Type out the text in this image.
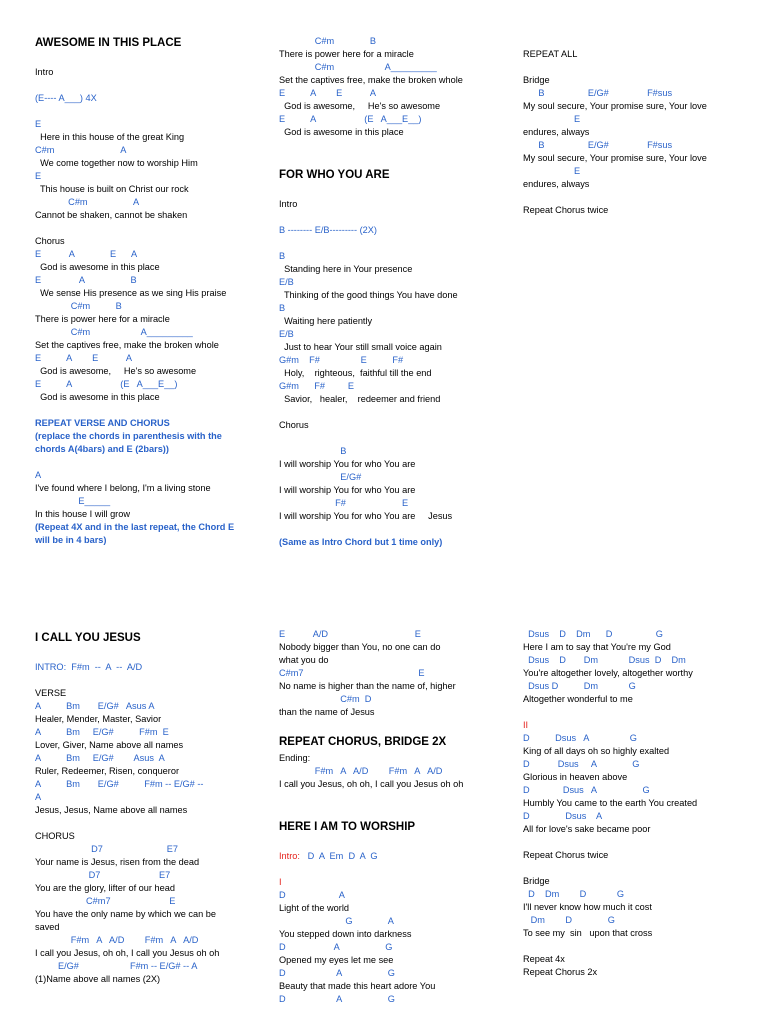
AWESOME IN THIS PLACE
Intro
(E---- A___) 4X
E
Here in this house of the great King
C#m                          A
We come together now to worship Him
E
This house is built on Christ our rock
C#m                  A
Cannot be shaken, cannot be shaken
Chorus
E           A              E      A
God is awesome in this place
E               A                  B
We sense His presence as we sing His praise
C#m          B
There is power here for a miracle
C#m                    A_________
Set the captives free, make the broken whole
E          A        E           A
God is awesome,     He's so awesome
E          A                   (E   A___E__)
God is awesome in this place
REPEAT VERSE AND CHORUS
(replace the chords in parenthesis with the
chords A(4bars) and E (2bars))
A
I've found where I belong, I'm a living stone
E_____
In this house I will grow
(Repeat 4X and in the last repeat, the Chord E
will be in 4 bars)
C#m              B
There is power here for a miracle
C#m                    A_________
Set the captives free, make the broken whole
E          A        E           A
God is awesome,     He's so awesome
E          A                   (E   A___E__)
God is awesome in this place
FOR WHO YOU ARE
Intro
B -------- E/B--------- (2X)
B
Standing here in Your presence
E/B
Thinking of the good things You have done
B
Waiting here patiently
E/B
Just to hear Your still small voice again
G#m    F#                E          F#
Holy,    righteous,  faithful till the end
G#m      F#         E
Savior,   healer,    redeemer and friend
Chorus
B
I will worship You for who You are
E/G#
I will worship You for who You are
F#                      E
I will worship You for who You are     Jesus
(Same as Intro Chord but 1 time only)
REPEAT ALL
Bridge
B                 E/G#               F#sus
My soul secure, Your promise sure, Your love
E
endures, always
B                 E/G#               F#sus
My soul secure, Your promise sure, Your love
E
endures, always
Repeat Chorus twice
I CALL YOU JESUS
INTRO:  F#m  --  A  --  A/D
VERSE
A          Bm       E/G#   Asus A
Healer, Mender, Master, Savior
A          Bm     E/G#          F#m  E
Lover, Giver, Name above all names
A          Bm     E/G#        Asus  A
Ruler, Redeemer, Risen, conqueror
A          Bm       E/G#          F#m -- E/G# --
A
Jesus, Jesus, Name above all names
CHORUS
D7                         E7
Your name is Jesus, risen from the dead
D7                       E7
You are the glory, lifter of our head
C#m7                       E
You have the only name by which we can be
saved
F#m   A   A/D        F#m   A   A/D
I call you Jesus, oh oh, I call you Jesus oh oh
E/G#                    F#m -- E/G# -- A
(1)Name above all names (2X)
E           A/D                                  E
Nobody bigger than You, no one can do
what you do
C#m7                                             E
No name is higher than the name of, higher
C#m  D
than the name of Jesus
REPEAT CHORUS, BRIDGE 2X
Ending:
F#m   A   A/D        F#m   A   A/D
I call you Jesus, oh oh, I call you Jesus oh oh
HERE I AM TO WORSHIP
Intro:   D  A  Em  D  A  G
I
D                     A
Light of the world
G              A
You stepped down into darkness
D                   A                  G
Opened my eyes let me see
D                    A                  G
Beauty that made this heart adore You
D                    A                  G
Dsus    D    Dm      D                 G
Here I am to say that You're my God
Dsus    D       Dm            Dsus  D    Dm
You're altogether lovely, altogether worthy
Dsus D          Dm            G
Altogether wonderful to me
II
D          Dsus   A                G
King of all days oh so highly exalted
D           Dsus     A              G
Glorious in heaven above
D             Dsus   A                  G
Humbly You came to the earth You created
D              Dsus    A
All for love's sake became poor
Repeat Chorus twice
Bridge
D    Dm        D            G
I'll never know how much it cost
Dm        D              G
To see my  sin   upon that cross
Repeat 4x
Repeat Chorus 2x
